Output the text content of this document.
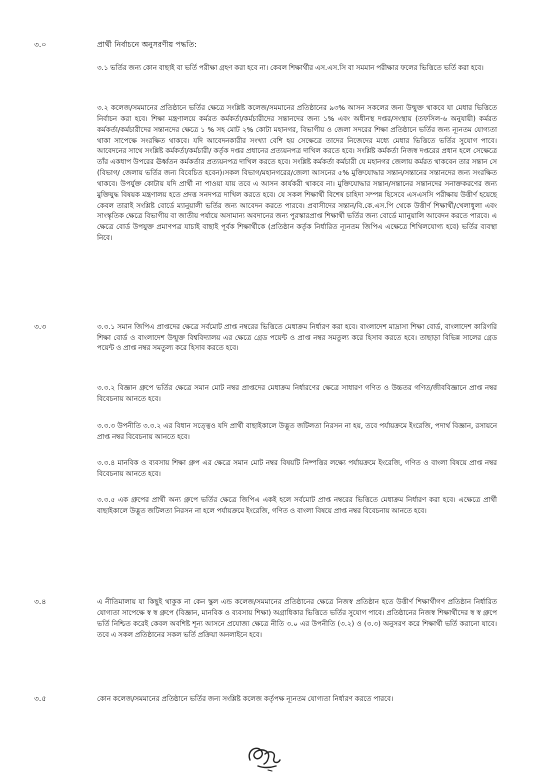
৩.০	প্রার্থী নির্বাচনে অনুসরণীয় পদ্ধতি:
৩.১ ভর্তির জন্য কোন বাছাই বা ভর্তি পরীক্ষা গ্রহণ করা হবে না। কেবল শিক্ষার্থীর এস.এস.সি বা সমমান পরীক্ষার ফলের ভিত্তিতে ভর্তি করা হবে।
৩.২ কলেজ/সমমানের প্রতিষ্ঠানে ভর্তির ক্ষেত্রে সংশ্লিষ্ট কলেজ/সমমানের প্রতিষ্ঠানের ৯৩% আসন সকলের জন্য উন্মুক্ত থাকবে যা মেধার ভিত্তিতে নির্বাচন করা হবে। শিক্ষা মন্ত্রণালয়ে কর্মরত কর্মকর্তা/কর্মচারীদের সন্তানদের জন্য ১% এবং অধীনস্থ দপ্তর/সংস্থায় (তফসিল-৬ অনুযায়ী) কর্মরত কর্মকর্তা/কর্মচারীদের সন্তানদের ক্ষেত্রে ১ % সহ মোট ২% কোটা মহানগর, বিভাগীয় ও জেলা সদরের শিক্ষা প্রতিষ্ঠানে ভর্তির জন্য ন্যূনতম যোগ্যতা থাকা সাপেক্ষে সংরক্ষিত থাকবে। যদি আবেদনকারীর সংখ্যা বেশি হয় সেক্ষেত্রে তাদের নিজেদের মধ্যে মেধার ভিত্তিতে ভর্তির সুযোগ পাবে। আবেদনের সাথে সংশ্লিষ্ট কর্মকর্তা/কর্মচারী/ কর্তৃক দপ্তর প্রধানের প্রত্যয়নপত্র দাখিল করতে হবে। সংশ্লিষ্ট কর্মকর্তা নিজস্ব দপ্তরের প্রধান হলে সেক্ষেত্রে তাঁর একধাপ উপরের ঊর্ধ্বতন কর্মকর্তার প্রত্যয়নপত্র দাখিল করতে হবে। সংশ্লিষ্ট কর্মকর্তা কর্মচারী যে মহানগর জেলায় কর্মরত থাকবেন তার সন্তান সে (বিভাগ/ জেলায় ভর্তির জন্য বিবেচিত হবেন)।সকল বিভাগ/মহানগরের/জেলা আসনের ৫% মুক্তিযোদ্ধার সন্তান/সন্তানের সন্তানদের জন্য সংরক্ষিত থাকবে। উপর্যুক্ত কোটায় যদি প্রার্থী না পাওয়া যায় তবে এ আসন কার্যকরী থাকবে না। মুক্তিযোদ্ধার সন্তান/সন্তানের সন্তানদের সনাক্তকরণের জন্য মুক্তিযুদ্ধ বিষয়ক মন্ত্রণালয় হতে প্রদত্ত সনদপত্র দাখিল করতে হবে। যে সকল শিক্ষার্থী বিশেষ চাহিদা সম্পন্ন হিসেবে এসএসসি পরীক্ষায় উত্তীর্ণ হয়েছে কেবল তারাই সংশ্লিষ্ট বোর্ডে ম্যানুয়ালী ভর্তির জন্য আবেদন করতে পারবে। প্রবাসীদের সন্তান/বি.কে.এস.পি থেকে উত্তীর্ণ শিক্ষার্থী/খেলাধুলা এবং সাংস্কৃতিক ক্ষেত্রে বিভাগীয় বা জাতীয় পর্যায়ে অসামান্য অবদানের জন্য পুরস্কারপ্রাপ্ত শিক্ষার্থী ভর্তির জন্য বোর্ডে ম্যানুয়ালি আবেদন করতে পারবে। এ ক্ষেত্রে বোর্ড উপযুক্ত প্রমাণপত্র যাচাই বাছাই পূর্বক শিক্ষার্থীকে (প্রতিষ্ঠান কর্তৃক নির্ধারিত ন্যূনতম জিপিএ এক্ষেত্রে শিথিলযোগ্য হবে) ভর্তির ব্যবস্থা নিবে।
৩.৩	৩.৩.১ সমান জিপিএ প্রাপ্তদের ক্ষেত্রে সর্বমোট প্রাপ্ত নম্বরের ভিত্তিতে মেধাক্রম নির্ধারণ করা হবে। বাংলাদেশ মাদ্রাসা শিক্ষা বোর্ড, বাংলাদেশ কারিগরি শিক্ষা বোর্ড ও বাংলাদেশ উন্মুক্ত বিশ্ববিদ্যালয় এর ক্ষেত্রে গ্রেড পয়েন্ট ও প্রাপ্ত নম্বর সমতুল্য করে হিসাব করতে হবে। তাছাড়া বিভিন্ন সালের গ্রেড পয়েন্ট ও প্রাপ্ত নম্বর সমতুল্য করে হিসাব করতে হবে।
৩.৩.২ বিজ্ঞান গ্রুপে ভর্তির ক্ষেত্রে সমান মোট নম্বর প্রাপ্তদের মেধাক্রম নির্ধারণের ক্ষেত্রে সাধারণ গণিত ও উচ্চতর গণিত/জীববিজ্ঞানে প্রাপ্ত নম্বর বিবেচনায় আনতে হবে।
৩.৩.৩ উপনীতি ৩.৩.২ এর বিধান সত্ত্বেও যদি প্রার্থী বাছাইকালে উদ্ভূত জটিলতা নিরসন না হয়, তবে পর্যায়ক্রমে ইংরেজি, পদার্থ বিজ্ঞান, রসায়নে প্রাপ্ত নম্বর বিবেচনায় আনতে হবে।
৩.৩.৪ মানবিক ও ব্যবসায় শিক্ষা গ্রুপ এর ক্ষেত্রে সমান মোট নম্বর বিষয়টি নিষ্পত্তির লক্ষ্যে পর্যায়ক্রমে ইংরেজি, গণিত ও বাংলা বিষয়ে প্রাপ্ত নম্বর বিবেচনায় আনতে হবে।
৩.৩.৫ এক গ্রুপের প্রার্থী অন্য গ্রুপে ভর্তির ক্ষেত্রে জিপিএ একই হলে সর্বমোট প্রাপ্ত নম্বরের ভিত্তিতে মেধাক্রম নির্ধারণ করা হবে। এক্ষেত্রে প্রার্থী বাছাইকালে উদ্ভূত জটিলতা নিরসন না হলে পর্যায়ক্রমে ইংরেজি, গণিত ও বাংলা বিষয়ে প্রাপ্ত নম্বর বিবেচনায় আনতে হবে।
৩.৪	এ নীতিমালায় যা কিছুই থাকুক না কেন স্কুল এন্ড কলেজ/সমমানের প্রতিষ্ঠানের ক্ষেত্রে নিজস্ব প্রতিষ্ঠান হতে উত্তীর্ণ শিক্ষার্থীগণ প্রতিষ্ঠান নির্ধারিত যোগ্যতা সাপেক্ষে স্ব স্ব গ্রুপে (বিজ্ঞান, মানবিক ও ব্যবসায় শিক্ষা) অগ্রাধিকার ভিত্তিতে ভর্তির সুযোগ পাবে। প্রতিষ্ঠানের নিজস্ব শিক্ষার্থীদের স্ব স্ব গ্রুপে ভর্তি নিশ্চিত করেই কেবল অবশিষ্ট শূন্য আসনে প্রযোজ্য ক্ষেত্রে নীতি ৩.০ এর উপনীতি (৩.২) ও (৩.৩) অনুসরণ করে শিক্ষার্থী ভর্তি করানো যাবে। তবে এ সকল প্রতিষ্ঠানের সকল ভর্তি প্রক্রিয়া অনলাইনে হবে।
৩.৫	কোন কলেজ/সমমানের প্রতিষ্ঠানে ভর্তির জন্য সংশ্লিষ্ট কলেজ কর্তৃপক্ষ ন্যূনতম যোগ্যতা নির্ধারণ করতে পারবে।
